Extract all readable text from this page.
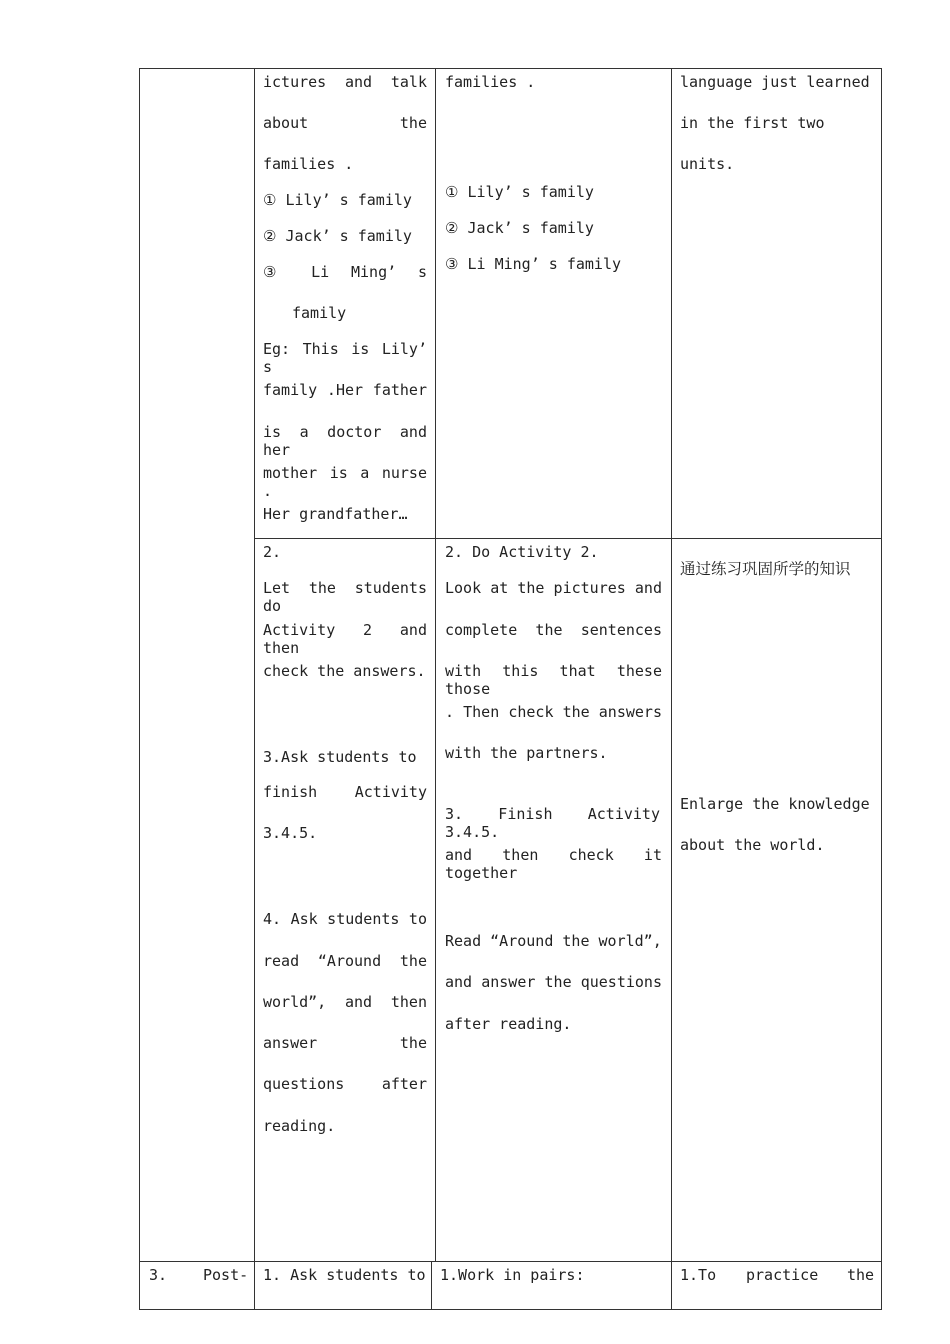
ictures and talk
about the
families .
① Lily’ s family
② Jack’ s family
③ Li Ming’ s
family
Eg: This is Lily’ s
family .Her father
is a doctor and her
mother is a nurse .
Her grandfather…
families .
① Lily’ s family
② Jack’ s family
③ Li Ming’ s family
language just learned
in the first two
units.
2.
Let the students do
Activity 2 and then
check the answers.
3.Ask students to
finish Activity
3.4.5.
4. Ask students to
read “Around the
world”, and then
answer the
questions after
reading.
2. Do Activity 2.
Look at the pictures and
complete the sentences
with this that these those
. Then check the answers
with the partners.
3. Finish Activity 3.4.5.
and then check it together
Read “Around the world”,
and answer the questions
after reading.
通过练习巩固所学的知识
Enlarge the knowledge
about the world.
3. Post- 1. Ask students to 1.Work in pairs:	1.To practice the
